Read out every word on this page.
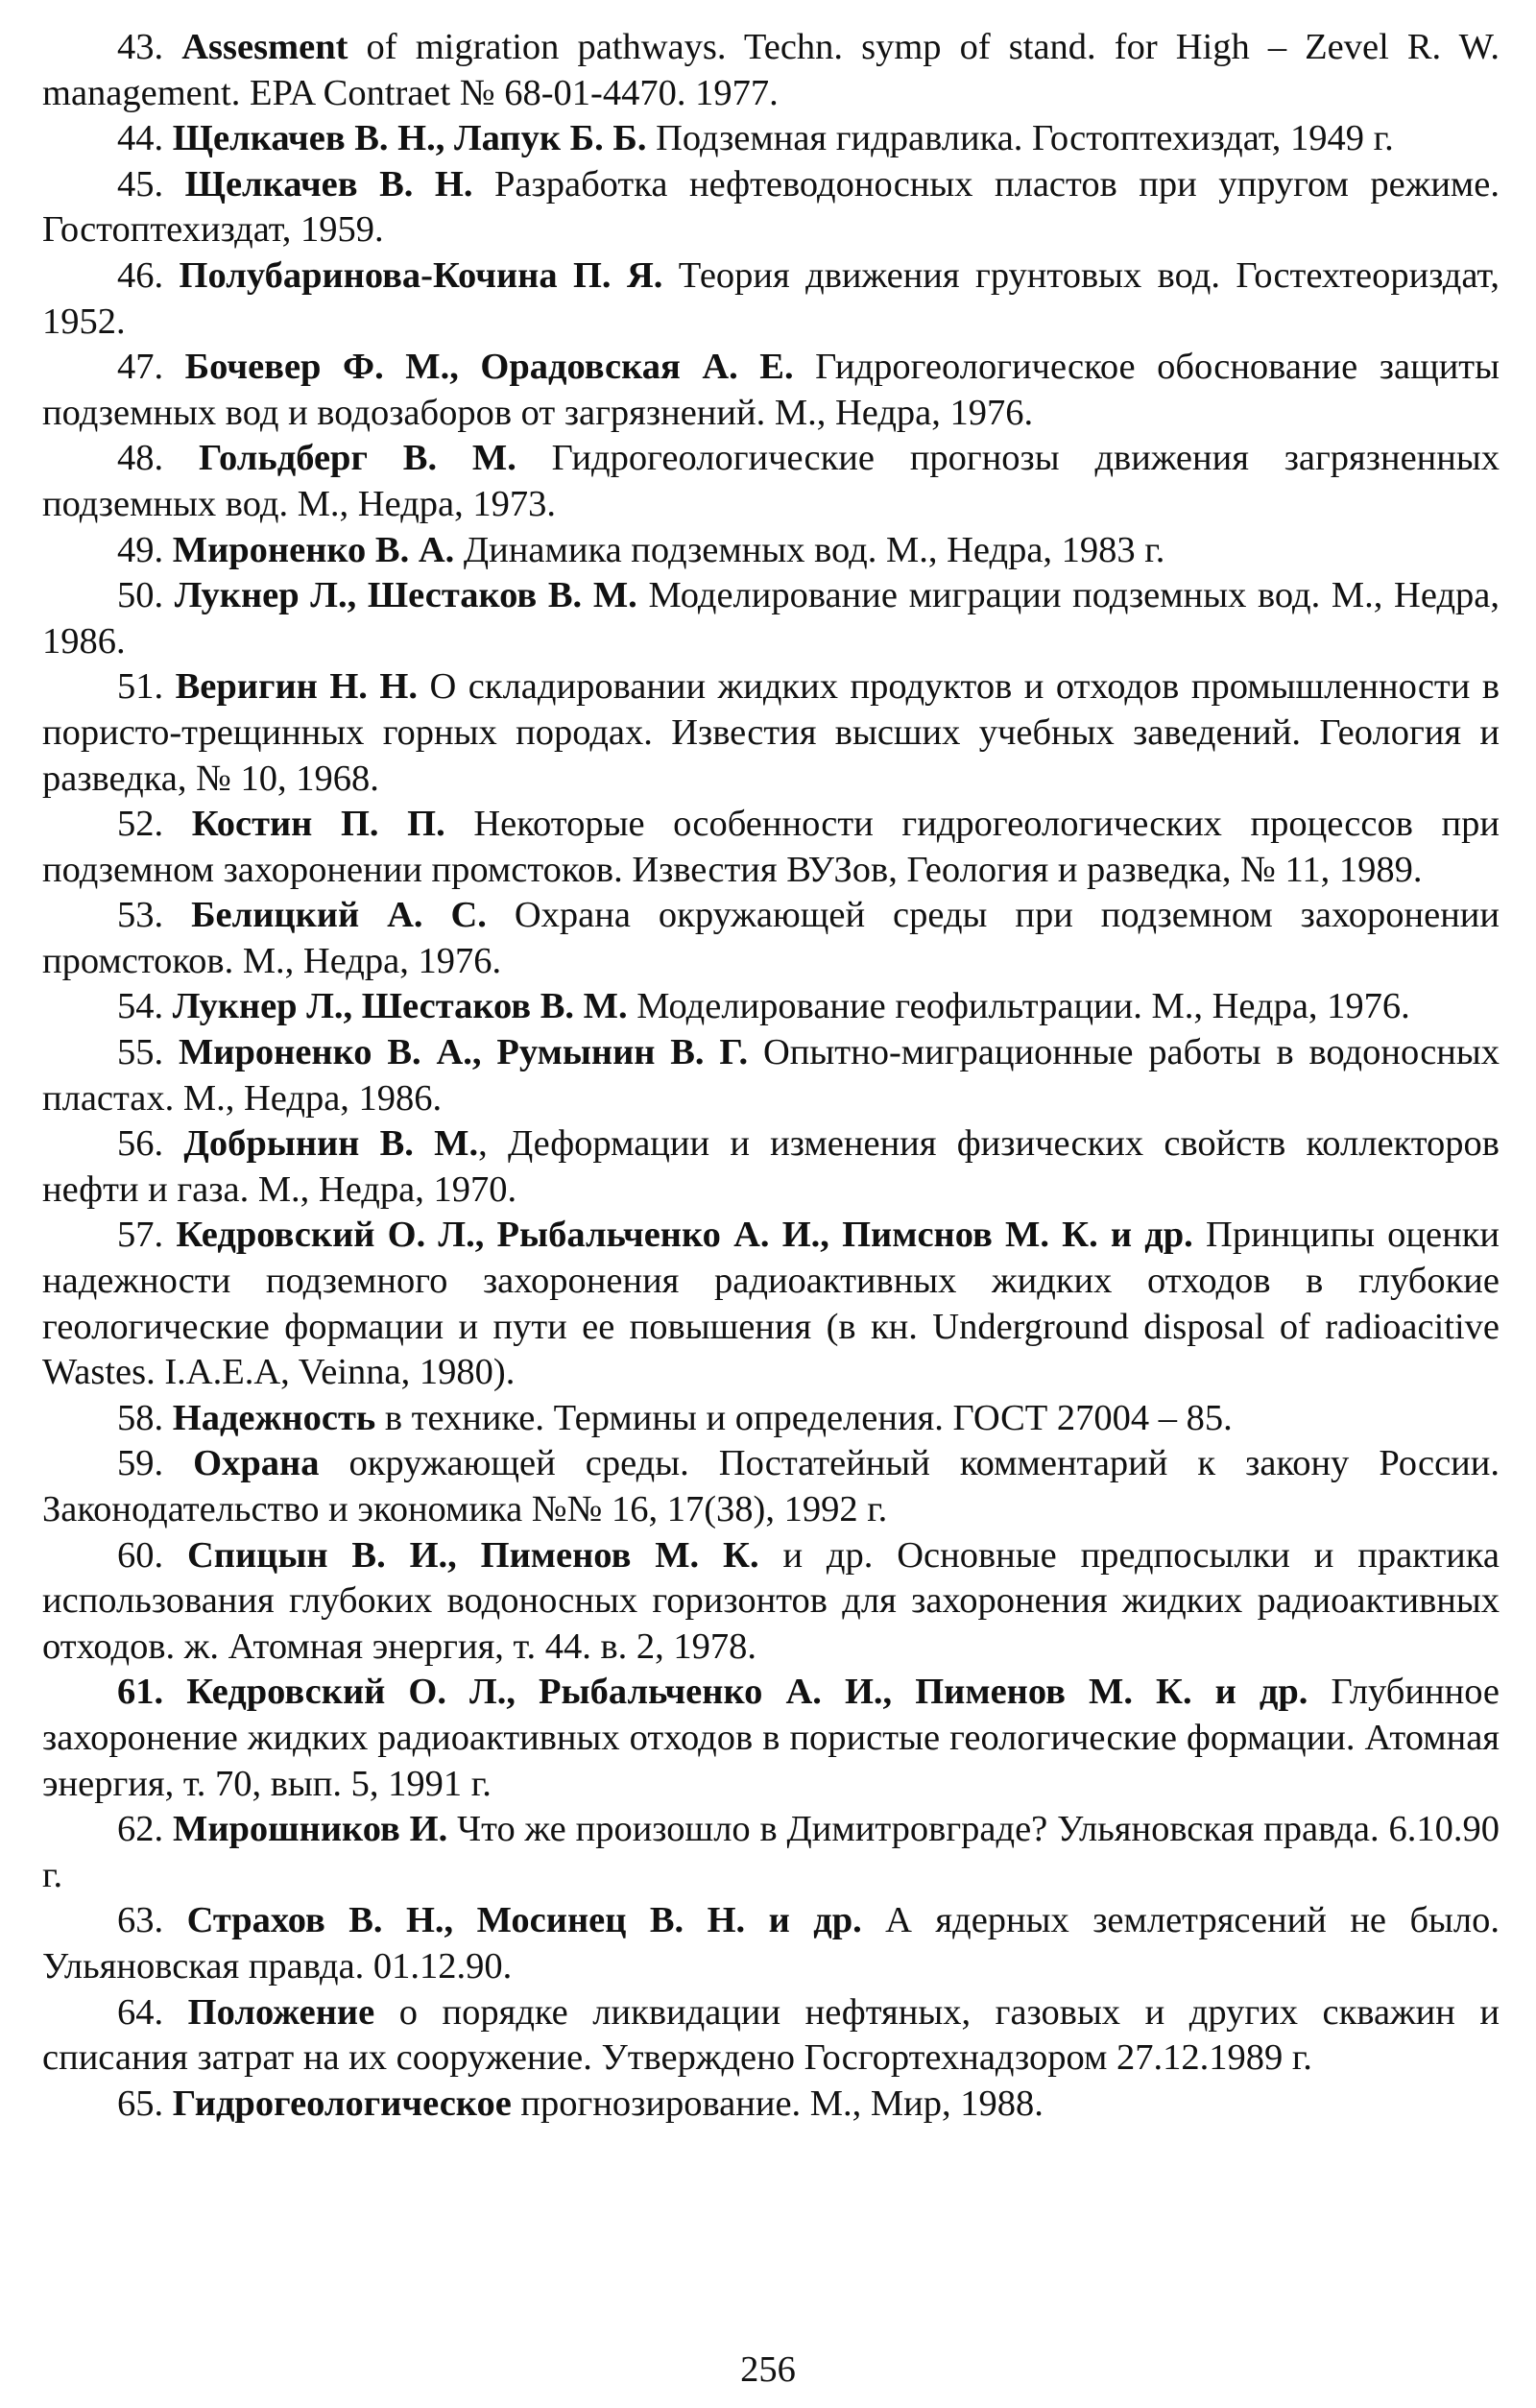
43. Assesment of migration pathways. Techn. symp of stand. for High – Zevel R. W. management. EPA Contraet № 68-01-4470. 1977.
44. Щелкачев В. Н., Лапук Б. Б. Подземная гидравлика. Гостоптехиздат, 1949 г.
45. Щелкачев В. Н. Разработка нефтеводоносных пластов при упругом режиме. Гостоптехиздат, 1959.
46. Полубаринова-Кочина П. Я. Теория движения грунтовых вод. Гостехтеориздат, 1952.
47. Бочевер Ф. М., Орадовская А. Е. Гидрогеологическое обоснование защиты подземных вод и водозаборов от загрязнений. М., Недра, 1976.
48. Гольдберг В. М. Гидрогеологические прогнозы движения загрязненных подземных вод. М., Недра, 1973.
49. Мироненко В. А. Динамика подземных вод. М., Недра, 1983 г.
50. Лукнер Л., Шестаков В. М. Моделирование миграции подземных вод. М., Недра, 1986.
51. Веригин Н. Н. О складировании жидких продуктов и отходов промышленности в пористо-трещинных горных породах. Известия высших учебных заведений. Геология и разведка, № 10, 1968.
52. Костин П. П. Некоторые особенности гидрогеологических процессов при подземном захоронении промстоков. Известия ВУЗов, Геология и разведка, № 11, 1989.
53. Белицкий А. С. Охрана окружающей среды при подземном захоронении промстоков. М., Недра, 1976.
54. Лукнер Л., Шестаков В. М. Моделирование геофильтрации. М., Недра, 1976.
55. Мироненко В. А., Румынин В. Г. Опытно-миграционные работы в водоносных пластах. М., Недра, 1986.
56. Добрынин В. М., Деформации и изменения физических свойств коллекторов нефти и газа. М., Недра, 1970.
57. Кедровский О. Л., Рыбальченко А. И., Пимснов М. К. и др. Принципы оценки надежности подземного захоронения радиоактивных жидких отходов в глубокие геологические формации и пути ее повышения (в кн. Underground disposal of radioacitive Wastes. I.A.E.A, Veinna, 1980).
58. Надежность в технике. Термины и определения. ГОСТ 27004 – 85.
59. Охрана окружающей среды. Постатейный комментарий к закону России. Законодательство и экономика №№ 16, 17(38), 1992 г.
60. Спицын В. И., Пименов М. К. и др. Основные предпосылки и практика использования глубоких водоносных горизонтов для захоронения жидких радиоактивных отходов. ж. Атомная энергия, т. 44. в. 2, 1978.
61. Кедровский О. Л., Рыбальченко А. И., Пименов М. К. и др. Глубинное захоронение жидких радиоактивных отходов в пористые геологические формации. Атомная энергия, т. 70, вып. 5, 1991 г.
62. Мирошников И. Что же произошло в Димитровграде? Ульяновская правда. 6.10.90 г.
63. Страхов В. Н., Мосинец В. Н. и др. А ядерных землетрясений не было. Ульяновская правда. 01.12.90.
64. Положение о порядке ликвидации нефтяных, газовых и других скважин и списания затрат на их сооружение. Утверждено Госгортехнадзором 27.12.1989 г.
65. Гидрогеологическое прогнозирование. М., Мир, 1988.
256
